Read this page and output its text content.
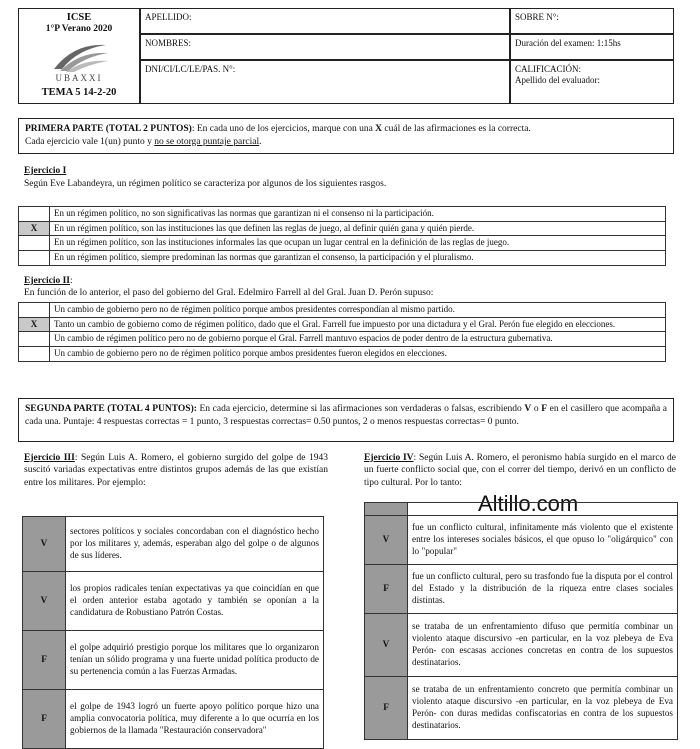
ICSE
1°P Verano 2020
UBAXXI
TEMA 5 14-2-20
APELLIDO:	SOBRE N°:
NOMBRES:	Duración del examen: 1:15hs
DNI/CI/LC/LE/PAS. N°:	CALIFICACIÓN:
Apellido del evaluador:
PRIMERA PARTE (TOTAL 2 PUNTOS): En cada uno de los ejercicios, marque con una X cuál de las afirmaciones es la correcta.
Cada ejercicio vale 1(un) punto y no se otorga puntaje parcial.
Ejercicio I
Según Eve Labandeyra, un régimen político se caracteriza por algunos de los siguientes rasgos.
	En un régimen político, no son significativas las normas que garantizan ni el consenso ni la participación.
X	En un régimen político, son las instituciones las que definen las reglas de juego, al definir quién gana y quién pierde.
	En un régimen político, son las instituciones informales las que ocupan un lugar central en la definición de las reglas de juego.
	En un régimen político, siempre predominan las normas que garantizan el consenso, la participación y el pluralismo.
Ejercicio II:
En función de lo anterior, el paso del gobierno del Gral. Edelmiro Farrell al del Gral. Juan D. Perón supuso:
	Un cambio de gobierno pero no de régimen político porque ambos presidentes correspondían al mismo partido.
X	Tanto un cambio de gobierno como de régimen político, dado que el Gral. Farrell fue impuesto por una dictadura y el Gral. Perón fue elegido en elecciones.
	Un cambio de régimen político pero no de gobierno porque el Gral. Farrell mantuvo espacios de poder dentro de la estructura gubernativa.
	Un cambio de gobierno pero no de régimen político porque ambos presidentes fueron elegidos en elecciones.
SEGUNDA PARTE (TOTAL 4 PUNTOS): En cada ejercicio, determine si las afirmaciones son verdaderas o falsas, escribiendo V o F en el casillero que acompaña a cada una. Puntaje: 4 respuestas correctas = 1 punto, 3 respuestas correctas= 0.50 puntos, 2 o menos respuestas correctas= 0 punto.
Ejercicio III: Según Luis A. Romero, el gobierno surgido del golpe de 1943 suscitó variadas expectativas entre distintos grupos además de las que existían entre los militares. Por ejemplo:
V	sectores políticos y sociales concordaban con el diagnóstico hecho por los militares y, además, esperaban algo del golpe o de algunos de sus líderes.
V	los propios radicales tenían expectativas ya que coincidían en que el orden anterior estaba agotado y también se oponían a la candidatura de Robustiano Patrón Costas.
F	el golpe adquirió prestigio porque los militares que lo organizaron tenían un sólido programa y una fuerte unidad política producto de su pertenencia común a las Fuerzas Armadas.
F	el golpe de 1943 logró un fuerte apoyo político porque hizo una amplia convocatoria política, muy diferente a lo que ocurría en los gobiernos de la llamada "Restauración conservadora"
Ejercicio IV: Según Luis A. Romero, el peronismo había surgido en el marco de un fuerte conflicto social que, con el correr del tiempo, derivó en un conflicto de tipo cultural. Por lo tanto:
Altillo.com

V	fue un conflicto cultural, infinitamente más violento que el existente entre los intereses sociales básicos, el que opuso lo "oligárquico" con lo "popular"
F	fue un conflicto cultural, pero su trasfondo fue la disputa por el control del Estado y la distribución de la riqueza entre clases sociales distintas.
V	se trataba de un enfrentamiento difuso que permitía combinar un violento ataque discursivo -en particular, en la voz plebeya de Eva Perón- con escasas acciones concretas en contra de los supuestos destinatarios.
F	se trataba de un enfrentamiento concreto que permitía combinar un violento ataque discursivo -en particular, en la voz plebeya de Eva Perón- con duras medidas confiscatorias en contra de los supuestos destinatarios.
